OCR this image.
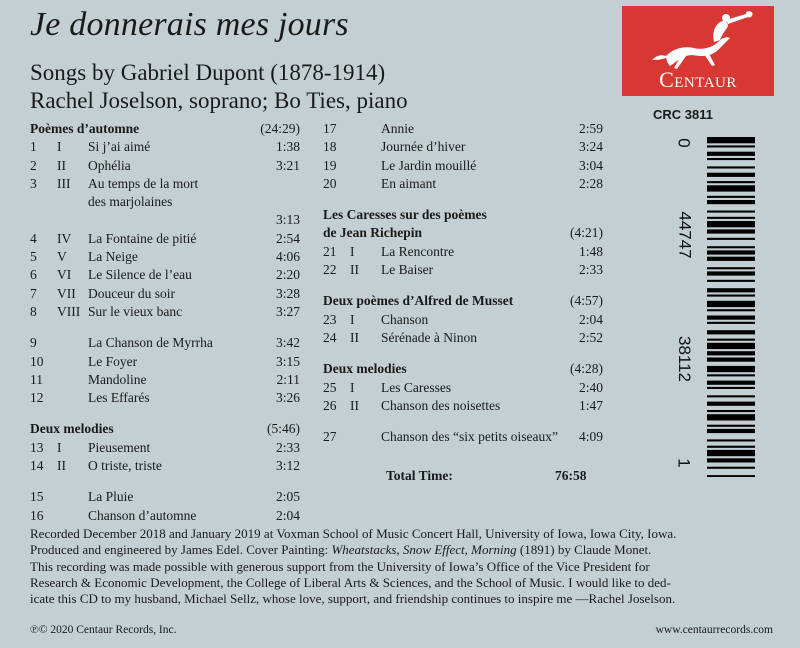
Je donnerais mes jours
Songs by Gabriel Dupont (1878-1914)
Rachel Joselson, soprano; Bo Ties, piano
Centaur
CRC 3811
0
44747
38112
1
Poèmes d’automne	(24:29)
1 I Si j’ai aimé	1:38
2 II Ophélia	3:21
3 III Au temps de la mort
des marjolaines
3:13
4 IV La Fontaine de pitié	2:54
5 V La Neige	4:06
6 VI Le Silence de l’eau	2:20
7 VII Douceur du soir	3:28
8 VIII Sur le vieux banc	3:27
9	La Chanson de Myrrha	3:42
10	Le Foyer	3:15
11	Mandoline	2:11
12	Les Effarés	3:26
Deux melodies	(5:46)
13 I Pieusement	2:33
14 II O triste, triste	3:12
15	La Pluie	2:05
16	Chanson d’automne	2:04
17	Annie	2:59
18	Journée d’hiver	3:24
19	Le Jardin mouillé	3:04
20	En aimant	2:28
Les Caresses sur des poèmes
de Jean Richepin	(4:21)
21 I La Rencontre	1:48
22 II Le Baiser	2:33
Deux poèmes d’Alfred de Musset	(4:57)
23 I Chanson	2:04
24 II Sérénade à Ninon	2:52
Deux melodies	(4:28)
25 I Les Caresses	2:40
26 II Chanson des noisettes	1:47
27	Chanson des “six petits oiseaux” 4:09
Total Time:	76:58
Recorded December 2018 and January 2019 at Voxman School of Music Concert Hall, University of Iowa, Iowa City, Iowa.
Produced and engineered by James Edel. Cover Painting: Wheatstacks, Snow Effect, Morning (1891) by Claude Monet.
This recording was made possible with generous support from the University of Iowa’s Office of the Vice President for
Research & Economic Development, the College of Liberal Arts & Sciences, and the School of Music. I would like to ded-
icate this CD to my husband, Michael Sellz, whose love, support, and friendship continues to inspire me —Rachel Joselson.
℗© 2020 Centaur Records, Inc.	www.centaurrecords.com
